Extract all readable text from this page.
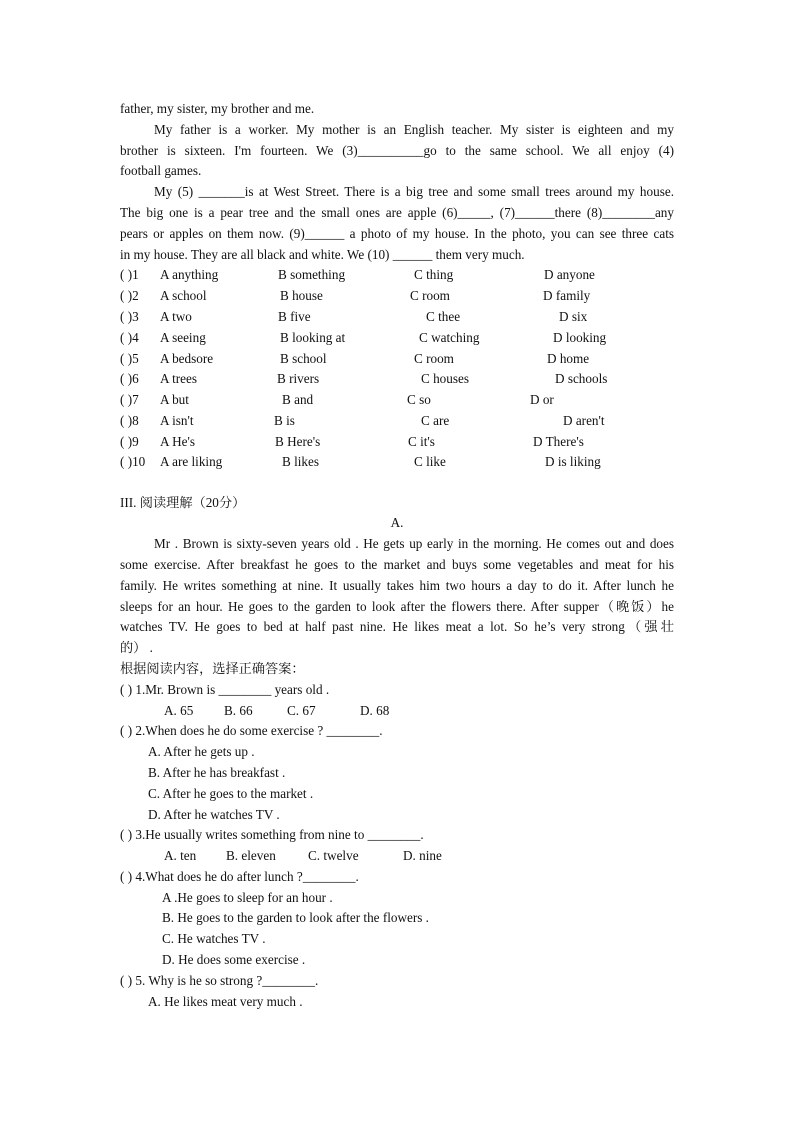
father, my sister, my brother and me.
My father is a worker. My mother is an English teacher. My sister is eighteen and my
brother is sixteen. I'm fourteen. We (3)__________go to the same school. We all enjoy (4)
football games.
My (5) _______is at West Street. There is a big tree and some small trees around my house.
The big one is a pear tree and the small ones are apple (6)_____, (7)______there (8)________any
pears or apples on them now. (9)______ a photo of my house. In the photo, you can see three cats
in my house. They are all black and white. We (10) ______ them very much.
( )1 A anything	B something	C thing	D anyone
( )2 A school	B house	C room	D family
( )3 A two	B five	C thee	D six
( )4 A seeing	B looking at	C watching	D looking
( )5 A bedsore	B school	C room	D home
( )6 A trees	B rivers	C houses	D schools
( )7 A but	B and	C so	D or
( )8 A isn't	B is	C are	D aren't
( )9 A He's	B Here's	C it's	D There's
( )10 A are liking	B likes	C like	D is liking
III. 阅读理解（20分）
A.
Mr . Brown is sixty-seven years old . He gets up early in the morning. He comes out and does
some exercise. After breakfast he goes to the market and buys some vegetables and meat for his
family. He writes something at nine. It usually takes him two hours a day to do it. After lunch he
sleeps for an hour. He goes to the garden to look after the flowers there. After supper（晚饭）he
watches TV. He goes to bed at half past nine. He likes meat a lot. So he’s very strong（强壮
的） .
根据阅读内容，选择正确答案：
( ) 1.Mr. Brown is ________ years old .
A. 65 B. 66	C. 67	D. 68
( ) 2.When does he do some exercise ? ________.
A. After he gets up .
B. After he has breakfast .
C. After he goes to the market .
D. After he watches TV .
( ) 3.He usually writes something from nine to ________.
A. ten B. eleven C. twelve	D. nine
( ) 4.What does he do after lunch ?________.
A .He goes to sleep for an hour .
B. He goes to the garden to look after the flowers .
C. He watches TV .
D. He does some exercise .
( ) 5. Why is he so strong ?________.
A. He likes meat very much .
